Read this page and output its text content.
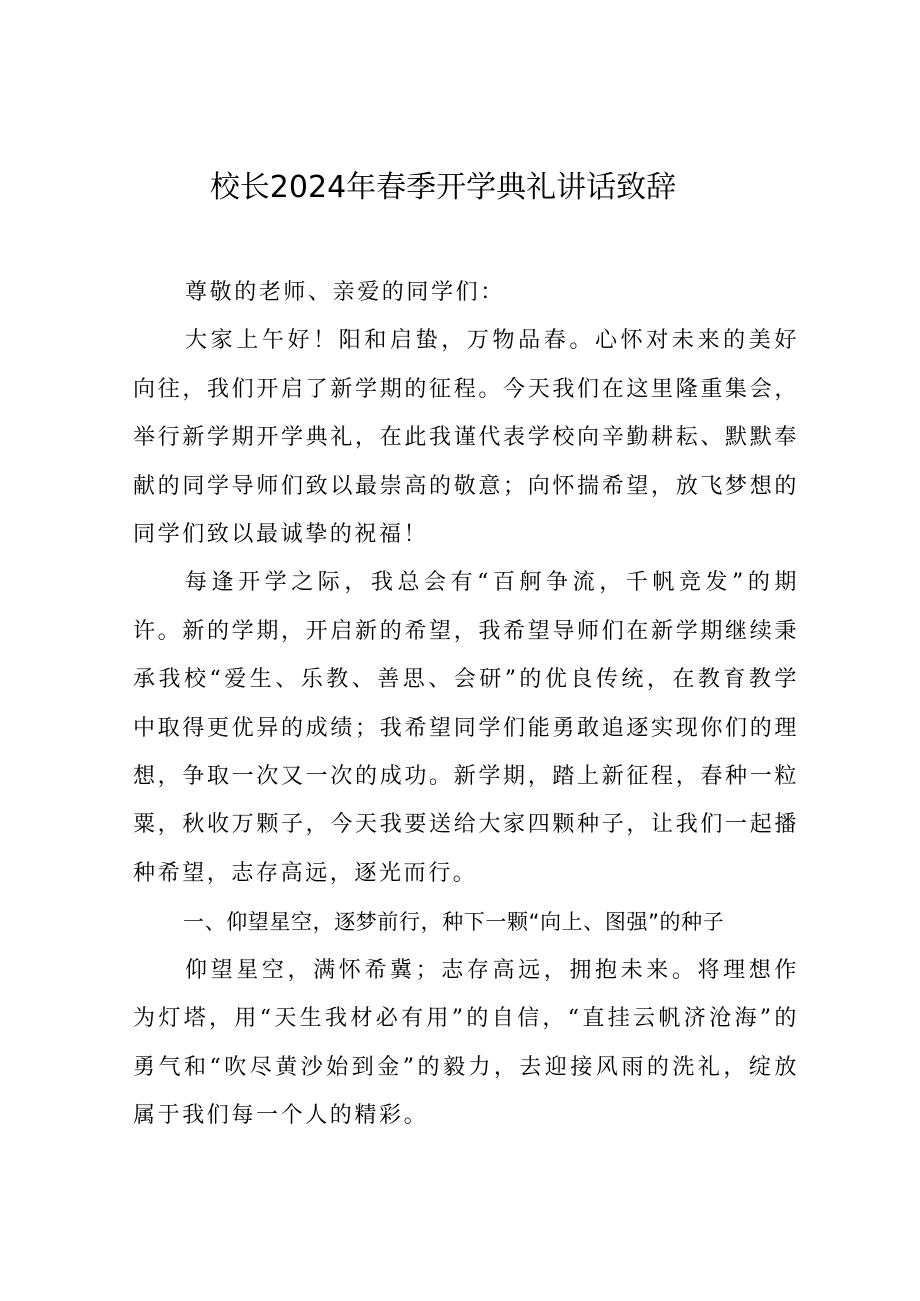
校长2024年春季开学典礼讲话致辞

尊敬的老师、亲爱的同学们：

大家上午好！阳和启蛰，万物品春。心怀对未来的美好向往，我们开启了新学期的征程。今天我们在这里隆重集会，举行新学期开学典礼，在此我谨代表学校向辛勤耕耘、默默奉献的同学导师们致以最崇高的敬意；向怀揣希望，放飞梦想的同学们致以最诚挚的祝福！

每逢开学之际，我总会有“百舸争流，千帆竞发”的期许。新的学期，开启新的希望，我希望导师们在新学期继续秉承我校“爱生、乐教、善思、会研”的优良传统，在教育教学中取得更优异的成绩；我希望同学们能勇敢追逐实现你们的理想，争取一次又一次的成功。新学期，踏上新征程，春种一粒粟，秋收万颗子，今天我要送给大家四颗种子，让我们一起播种希望，志存高远，逐光而行。

一、仰望星空，逐梦前行，种下一颗“向上、图强”的种子

仰望星空，满怀希冀；志存高远，拥抱未来。将理想作为灯塔，用“天生我材必有用”的自信，“直挂云帆济沧海”的勇气和“吹尽黄沙始到金”的毅力，去迎接风雨的洗礼，绽放属于我们每一个人的精彩。
